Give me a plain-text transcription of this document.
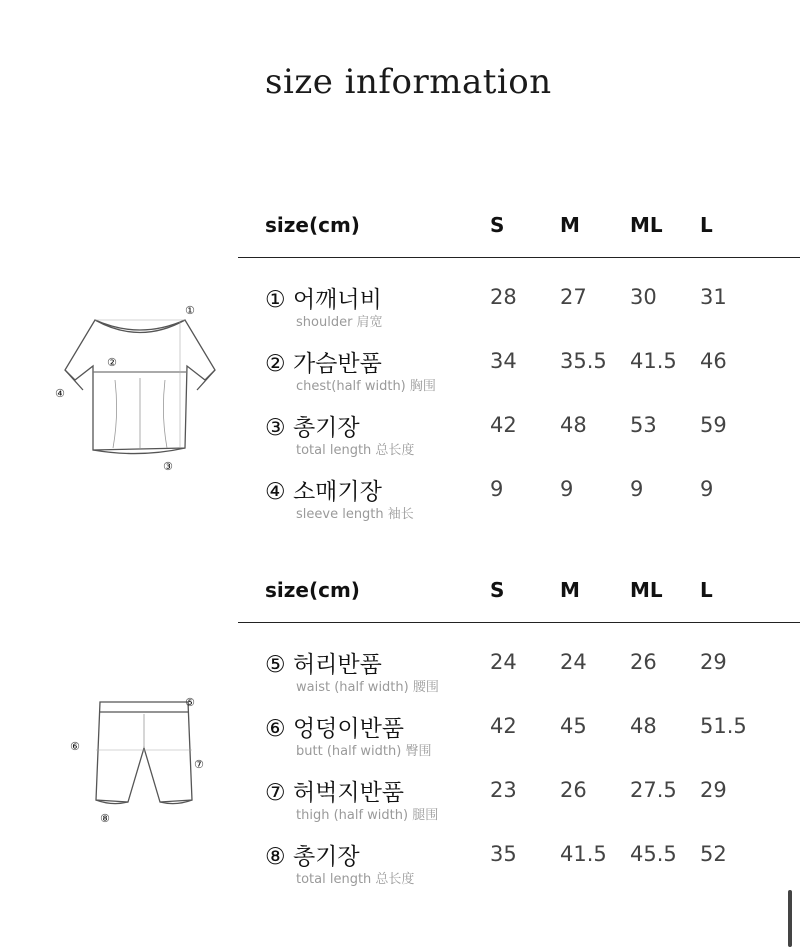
size information
①
②
③
④
⑤
⑥
⑦
⑧
size(cm)	S	M	ML L
① 어깨너비
shoulder 肩宽
28 27 30 31
② 가슴반품
chest(half width) 胸围
34 35.5 41.5 46
③ 총기장
total length 总长度
42 48 53 59
④ 소매기장
sleeve length 袖长
9	9	9	9
size(cm)	S	M	ML L
⑤ 허리반품
waist (half width) 腰围
24 24 26 29
⑥ 엉덩이반품
butt (half width) 臀围
42 45 48 51.5
⑦ 허벅지반품
thigh (half width) 腿围
23 26 27.5 29
⑧ 총기장
total length 总长度
35 41.5 45.5 52
